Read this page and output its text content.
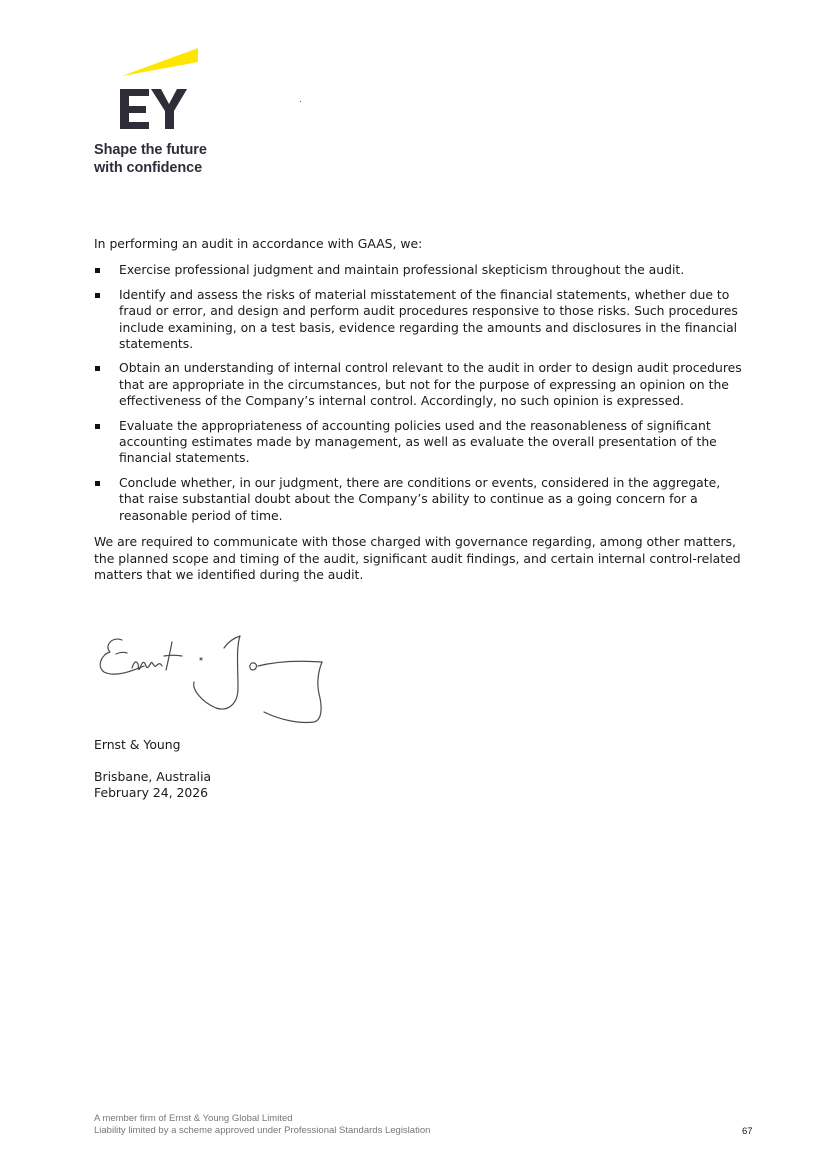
Shape the future
with confidence

In performing an audit in accordance with GAAS, we:

Exercise professional judgment and maintain professional skepticism throughout the audit.
Identify and assess the risks of material misstatement of the financial statements, whether due to fraud or error, and design and perform audit procedures responsive to those risks. Such procedures include examining, on a test basis, evidence regarding the amounts and disclosures in the financial statements.
Obtain an understanding of internal control relevant to the audit in order to design audit procedures that are appropriate in the circumstances, but not for the purpose of expressing an opinion on the effectiveness of the Company’s internal control. Accordingly, no such opinion is expressed.
Evaluate the appropriateness of accounting policies used and the reasonableness of significant accounting estimates made by management, as well as evaluate the overall presentation of the financial statements.
Conclude whether, in our judgment, there are conditions or events, considered in the aggregate, that raise substantial doubt about the Company’s ability to continue as a going concern for a reasonable period of time.

We are required to communicate with those charged with governance regarding, among other matters, the planned scope and timing of the audit, significant audit findings, and certain internal control-related matters that we identified during the audit.

Ernst & Young
Brisbane, Australia
February 24, 2026
A member firm of Ernst & Young Global Limited
Liability limited by a scheme approved under Professional Standards Legislation	67
